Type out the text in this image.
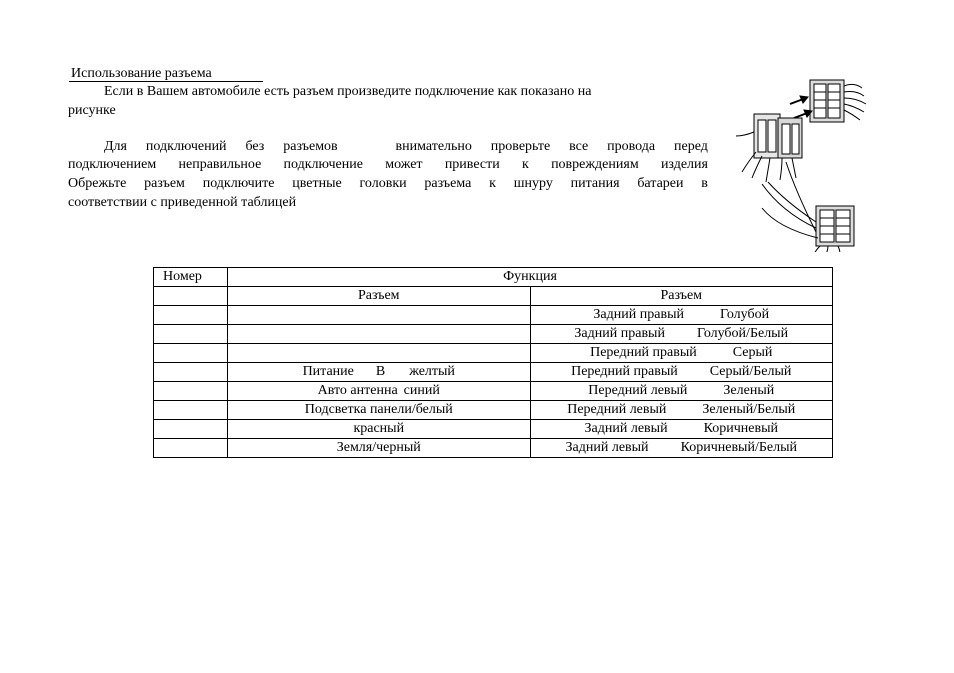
Использование разъема
Если в Вашем автомобиле есть разъем произведите подключение как показано на
рисунке
Для подключений без разъемов	внимательно проверьте все провода перед
подключением неправильное подключение может привести к повреждениям изделия
Обрежьте разъем подключите цветные головки разъема к шнуру питания батареи в
соответствии с приведенной таблицей
Номер	Функция	
	Разъем	Разъем
		Задний правый Голубой
		Задний правый Голубой/Белый
		Передний правый Серый
	Питание В желтый	Передний правый Серый/Белый
	Авто антенна синий	Передний левый Зеленый
	Подсветка панели/белый	Передний левый Зеленый/Белый
	красный	Задний левый Коричневый
	Земля/черный	Задний левый Коричневый/Белый
